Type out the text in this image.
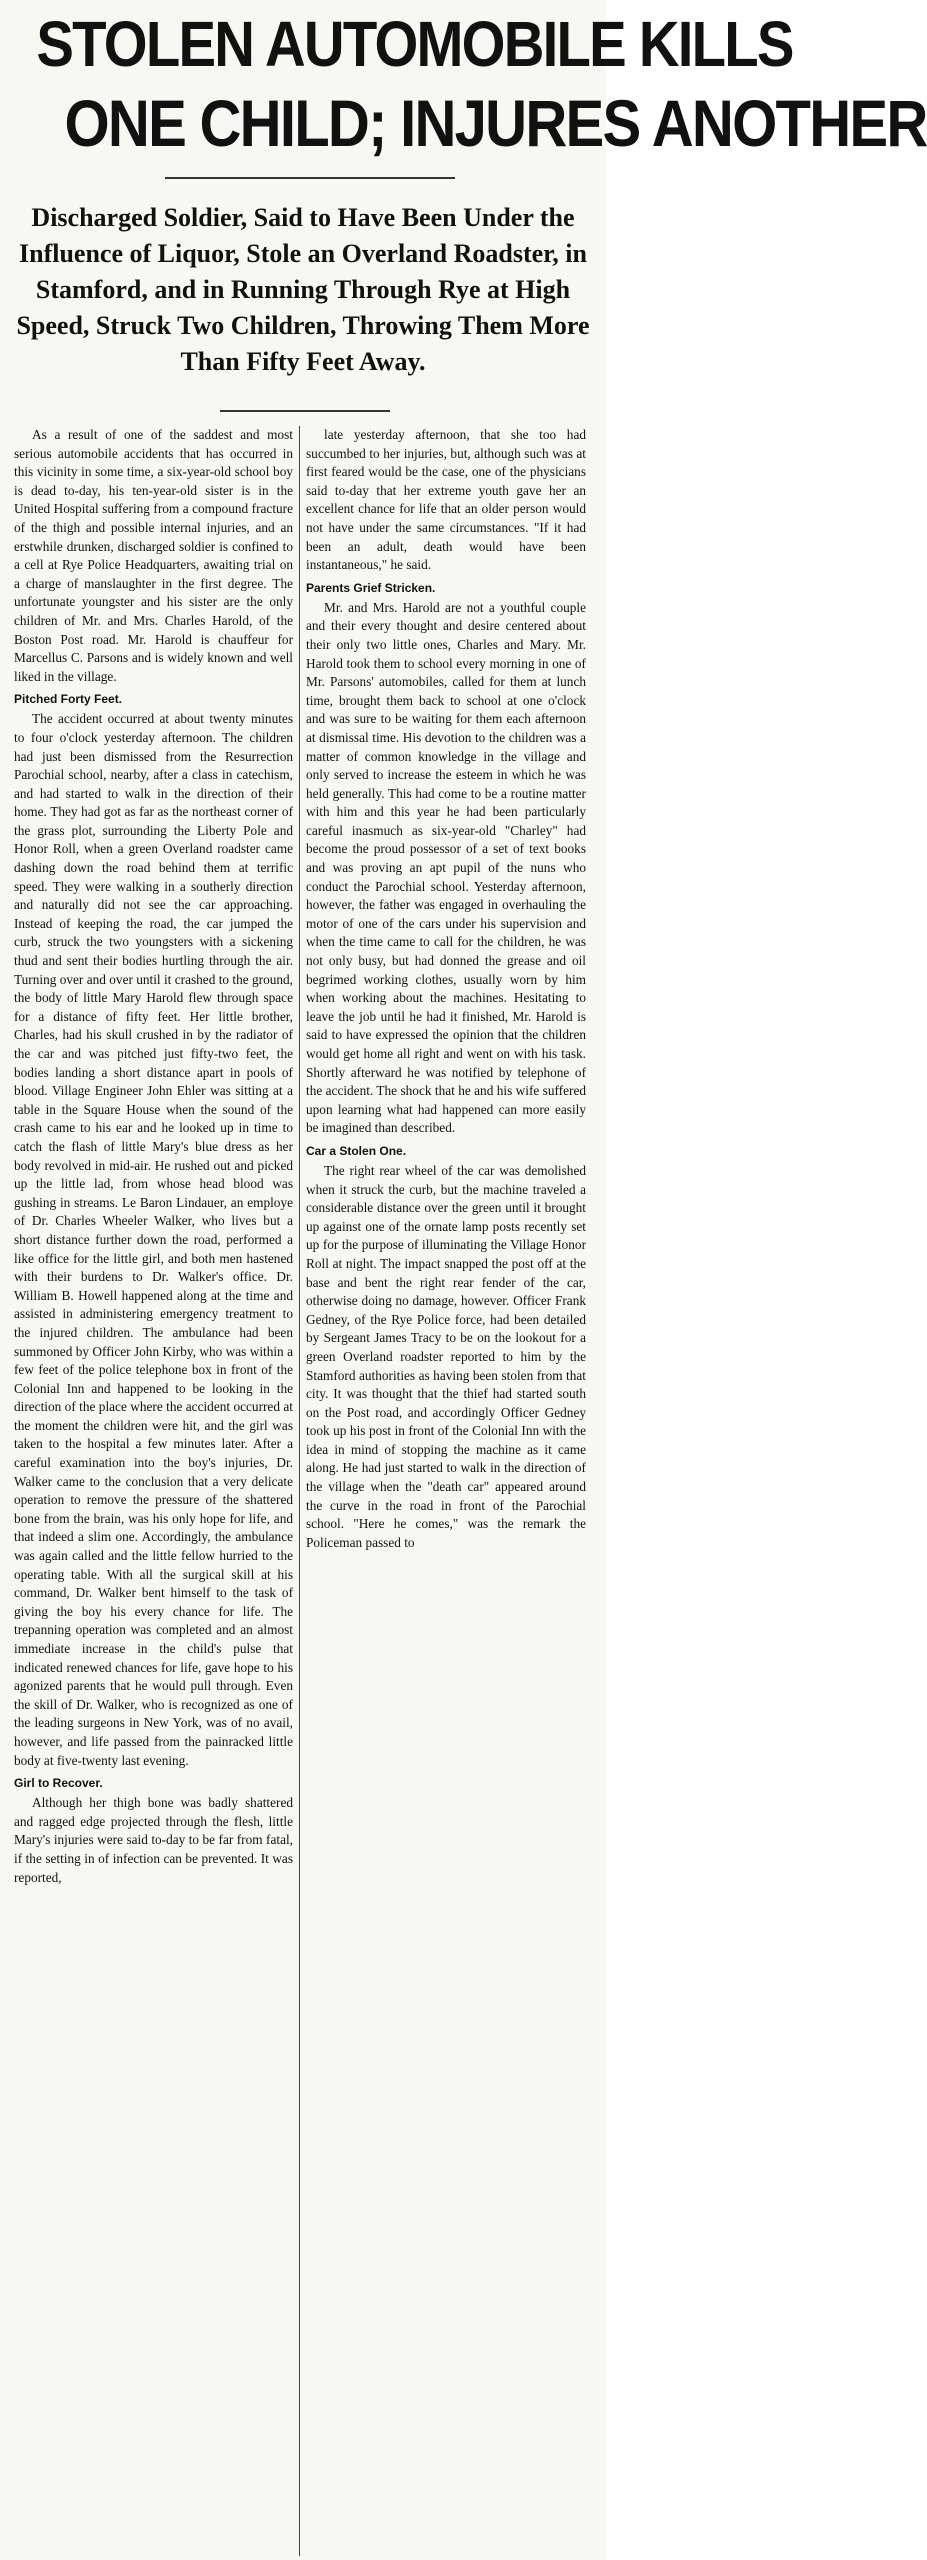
STOLEN AUTOMOBILE KILLS
ONE CHILD; INJURES ANOTHER
Discharged Soldier, Said to Have Been Under the Influence of Liquor, Stole an Overland Roadster, in Stamford, and in Running Through Rye at High Speed, Struck Two Children, Throwing Them More Than Fifty Feet Away.

As a result of one of the saddest and most serious automobile accidents that has occurred in this vicinity in some time, a six-year-old school boy is dead to-day, his ten-year-old sister is in the United Hospital suffering from a compound fracture of the thigh and possible internal injuries, and an erstwhile drunken, discharged soldier is confined to a cell at Rye Police Headquarters, awaiting trial on a charge of manslaughter in the first degree. The unfortunate youngster and his sister are the only children of Mr. and Mrs. Charles Harold, of the Boston Post road. Mr. Harold is chauffeur for Marcellus C. Parsons and is widely known and well liked in the village.

Pitched Forty Feet.

The accident occurred at about twenty minutes to four o'clock yesterday afternoon. The children had just been dismissed from the Resurrection Parochial school, nearby, after a class in catechism, and had started to walk in the direction of their home. They had got as far as the northeast corner of the grass plot, surrounding the Liberty Pole and Honor Roll, when a green Overland roadster came dashing down the road behind them at terrific speed. They were walking in a southerly direction and naturally did not see the car approaching. Instead of keeping the road, the car jumped the curb, struck the two youngsters with a sickening thud and sent their bodies hurtling through the air. Turning over and over until it crashed to the ground, the body of little Mary Harold flew through space for a distance of fifty feet. Her little brother, Charles, had his skull crushed in by the radiator of the car and was pitched just fifty-two feet, the bodies landing a short distance apart in pools of blood. Village Engineer John Ehler was sitting at a table in the Square House when the sound of the crash came to his ear and he looked up in time to catch the flash of little Mary's blue dress as her body revolved in mid-air. He rushed out and picked up the little lad, from whose head blood was gushing in streams. Le Baron Lindauer, an employe of Dr. Charles Wheeler Walker, who lives but a short distance further down the road, performed a like office for the little girl, and both men hastened with their burdens to Dr. Walker's office. Dr. William B. Howell happened along at the time and assisted in administering emergency treatment to the injured children. The ambulance had been summoned by Officer John Kirby, who was within a few feet of the police telephone box in front of the Colonial Inn and happened to be looking in the direction of the place where the accident occurred at the moment the children were hit, and the girl was taken to the hospital a few minutes later. After a careful examination into the boy's injuries, Dr. Walker came to the conclusion that a very delicate operation to remove the pressure of the shattered bone from the brain, was his only hope for life, and that indeed a slim one. Accordingly, the ambulance was again called and the little fellow hurried to the operating table. With all the surgical skill at his command, Dr. Walker bent himself to the task of giving the boy his every chance for life. The trepanning operation was completed and an almost immediate increase in the child's pulse that indicated renewed chances for life, gave hope to his agonized parents that he would pull through. Even the skill of Dr. Walker, who is recognized as one of the leading surgeons in New York, was of no avail, however, and life passed from the painracked little body at five-twenty last evening.

Girl to Recover.

Although her thigh bone was badly shattered and ragged edge projected through the flesh, little Mary's injuries were said to-day to be far from fatal, if the setting in of infection can be prevented. It was reported,

late yesterday afternoon, that she too had succumbed to her injuries, but, although such was at first feared would be the case, one of the physicians said to-day that her extreme youth gave her an excellent chance for life that an older person would not have under the same circumstances. "If it had been an adult, death would have been instantaneous," he said.

Parents Grief Stricken.

Mr. and Mrs. Harold are not a youthful couple and their every thought and desire centered about their only two little ones, Charles and Mary. Mr. Harold took them to school every morning in one of Mr. Parsons' automobiles, called for them at lunch time, brought them back to school at one o'clock and was sure to be waiting for them each afternoon at dismissal time. His devotion to the children was a matter of common knowledge in the village and only served to increase the esteem in which he was held generally. This had come to be a routine matter with him and this year he had been particularly careful inasmuch as six-year-old "Charley" had become the proud possessor of a set of text books and was proving an apt pupil of the nuns who conduct the Parochial school. Yesterday afternoon, however, the father was engaged in overhauling the motor of one of the cars under his supervision and when the time came to call for the children, he was not only busy, but had donned the grease and oil begrimed working clothes, usually worn by him when working about the machines. Hesitating to leave the job until he had it finished, Mr. Harold is said to have expressed the opinion that the children would get home all right and went on with his task. Shortly afterward he was notified by telephone of the accident. The shock that he and his wife suffered upon learning what had happened can more easily be imagined than described.

Car a Stolen One.

The right rear wheel of the car was demolished when it struck the curb, but the machine traveled a considerable distance over the green until it brought up against one of the ornate lamp posts recently set up for the purpose of illuminating the Village Honor Roll at night. The impact snapped the post off at the base and bent the right rear fender of the car, otherwise doing no damage, however. Officer Frank Gedney, of the Rye Police force, had been detailed by Sergeant James Tracy to be on the lookout for a green Overland roadster reported to him by the Stamford authorities as having been stolen from that city. It was thought that the thief had started south on the Post road, and accordingly Officer Gedney took up his post in front of the Colonial Inn with the idea in mind of stopping the machine as it came along. He had just started to walk in the direction of the village when the "death car" appeared around the curve in the road in front of the Parochial school. "Here he comes," was the remark the Policeman passed to
